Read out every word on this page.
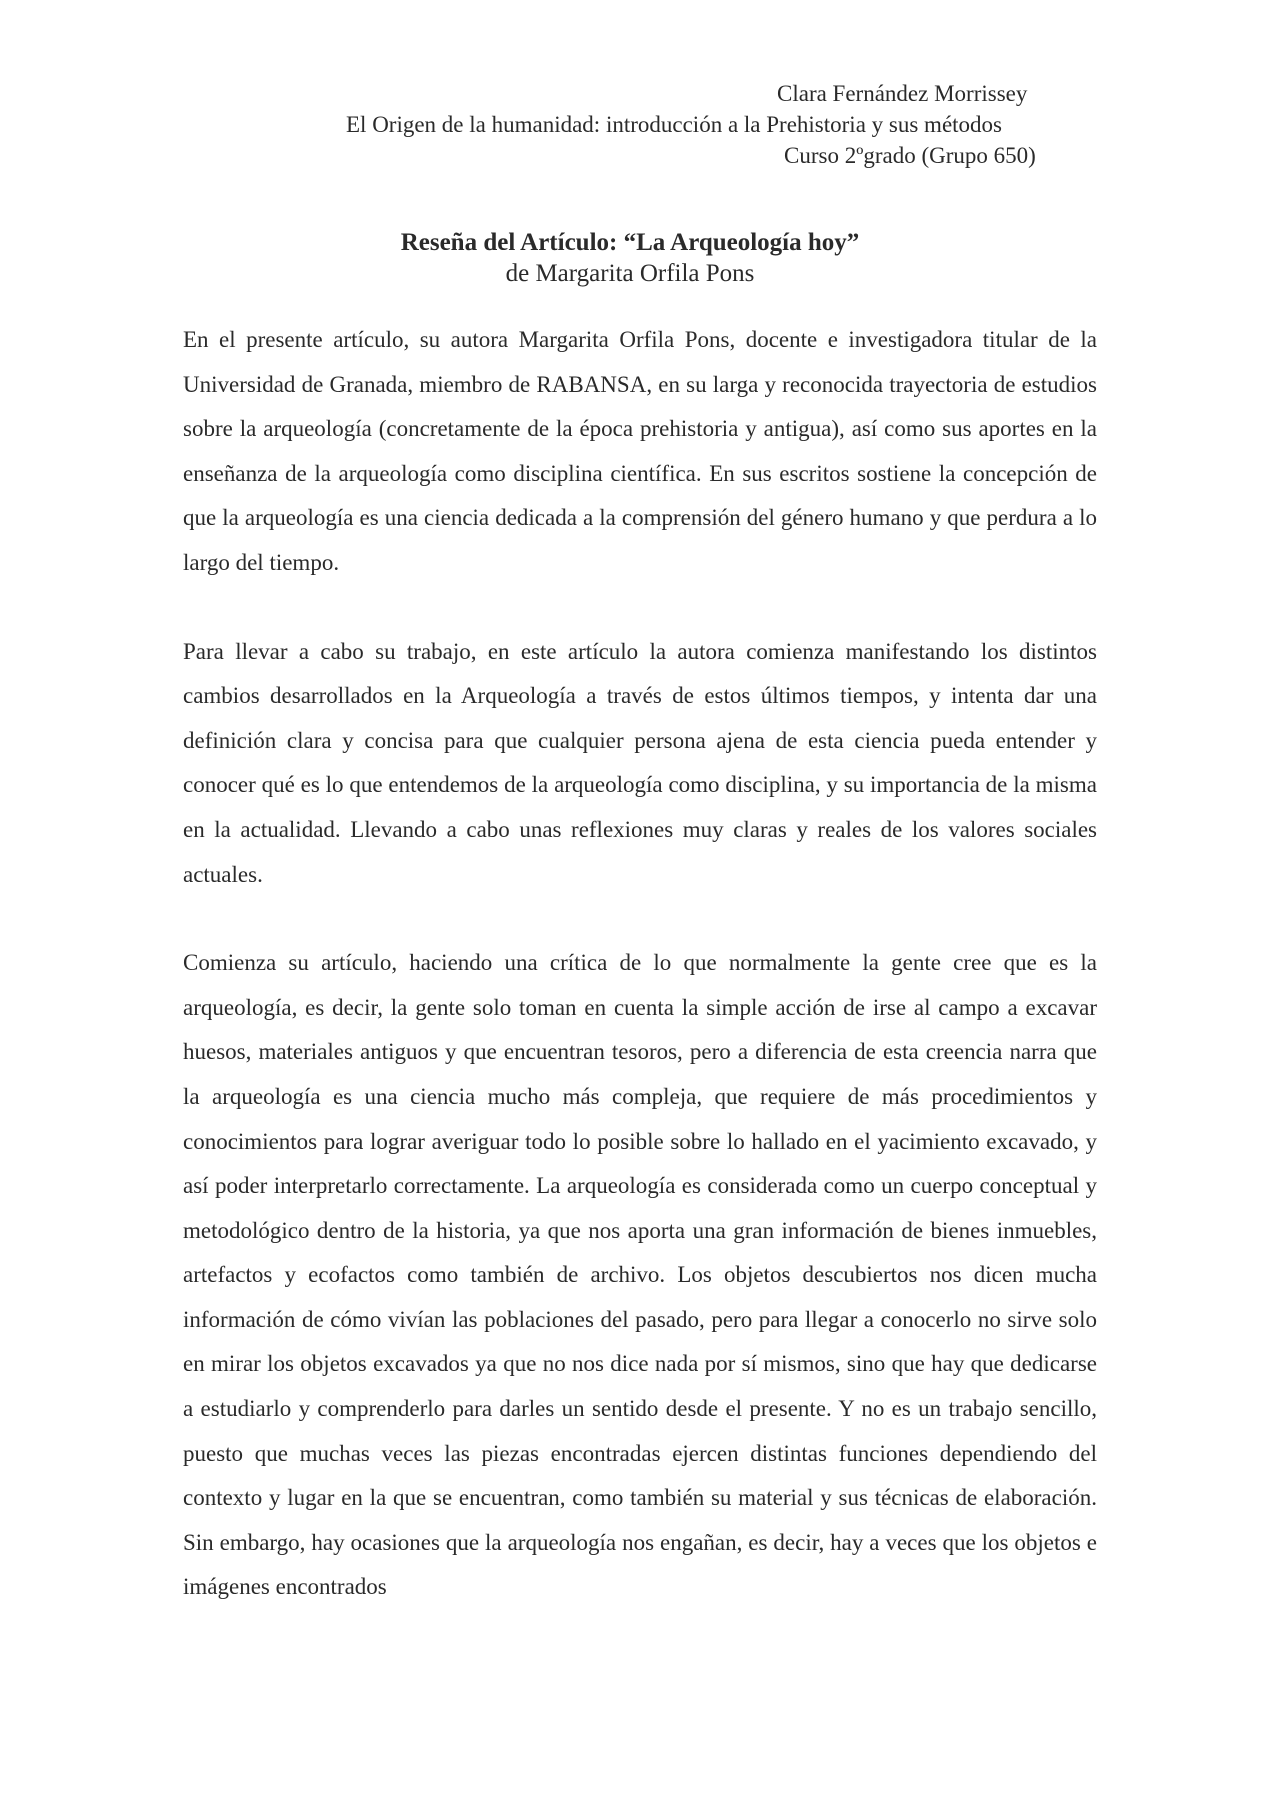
Clara Fernández Morrissey
El Origen de la humanidad: introducción a la Prehistoria y sus métodos
Curso 2ºgrado (Grupo 650)
Reseña del Artículo: “La Arqueología hoy”
de Margarita Orfila Pons

En el presente artículo, su autora Margarita Orfila Pons, docente e investigadora titular de la Universidad de Granada, miembro de RABANSA, en su larga y reconocida trayectoria de estudios sobre la arqueología (concretamente de la época prehistoria y antigua), así como sus aportes en la enseñanza de la arqueología como disciplina científica. En sus escritos sostiene la concepción de que la arqueología es una ciencia dedicada a la comprensión del género humano y que perdura a lo largo del tiempo.

Para llevar a cabo su trabajo, en este artículo la autora comienza manifestando los distintos cambios desarrollados en la Arqueología a través de estos últimos tiempos, y intenta dar una definición clara y concisa para que cualquier persona ajena de esta ciencia pueda entender y conocer qué es lo que entendemos de la arqueología como disciplina, y su importancia de la misma en la actualidad. Llevando a cabo unas reflexiones muy claras y reales de los valores sociales actuales.

Comienza su artículo, haciendo una crítica de lo que normalmente la gente cree que es la arqueología, es decir, la gente solo toman en cuenta la simple acción de irse al campo a excavar huesos, materiales antiguos y que encuentran tesoros, pero a diferencia de esta creencia narra que la arqueología es una ciencia mucho más compleja, que requiere de más procedimientos y conocimientos para lograr averiguar todo lo posible sobre lo hallado en el yacimiento excavado, y así poder interpretarlo correctamente. La arqueología es considerada como un cuerpo conceptual y metodológico dentro de la historia, ya que nos aporta una gran información de bienes inmuebles, artefactos y ecofactos como también de archivo. Los objetos descubiertos nos dicen mucha información de cómo vivían las poblaciones del pasado, pero para llegar a conocerlo no sirve solo en mirar los objetos excavados ya que no nos dice nada por sí mismos, sino que hay que dedicarse a estudiarlo y comprenderlo para darles un sentido desde el presente. Y no es un trabajo sencillo, puesto que muchas veces las piezas encontradas ejercen distintas funciones dependiendo del contexto y lugar en la que se encuentran, como también su material y sus técnicas de elaboración. Sin embargo, hay ocasiones que la arqueología nos engañan, es decir, hay a veces que los objetos e imágenes encontrados
